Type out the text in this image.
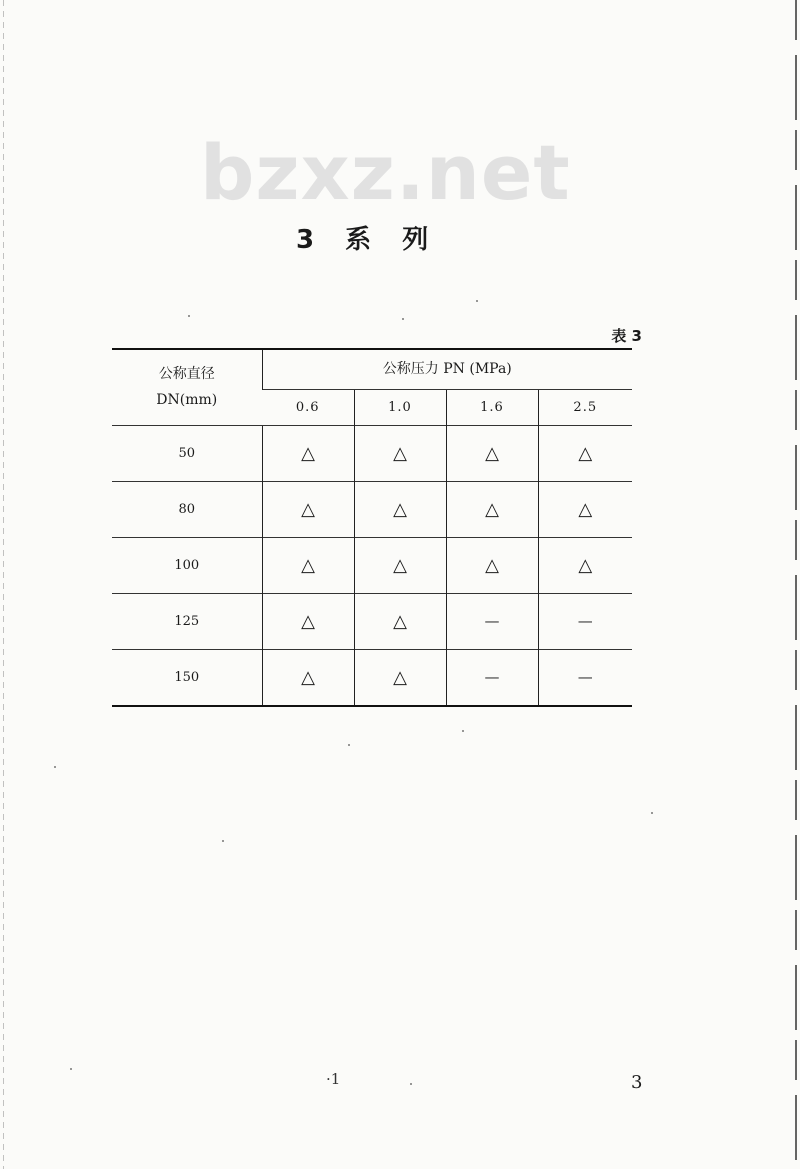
bzxz.net
3 系 列
表 3
公称直径
DN(mm)	公称压力 PN (MPa)			
	0.6	1.0	1.6	2.5
50	△	△	△	△
80	△	△	△	△
100	△	△	△	△
125	△	△	—	—
150	△	△	—	—
·1	3
